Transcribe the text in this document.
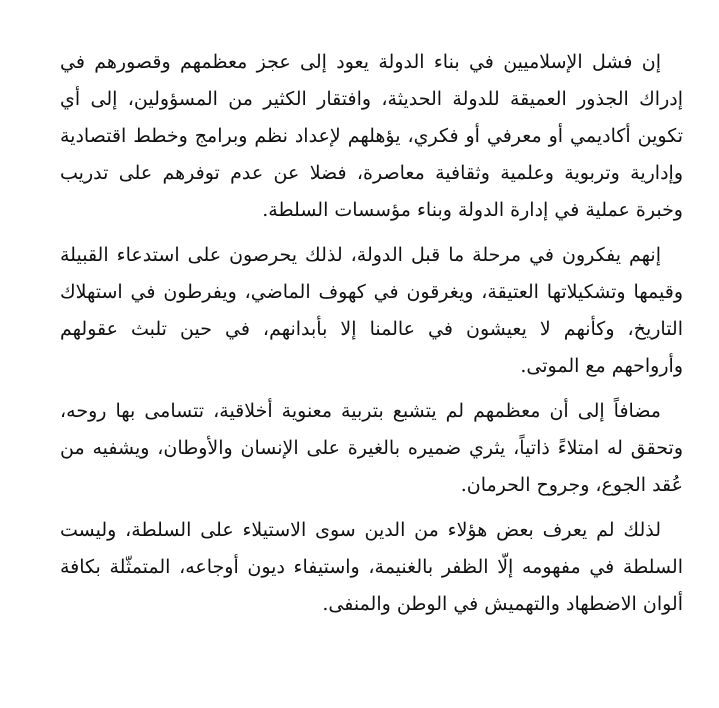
إن فشل الإسلاميين في بناء الدولة يعود إلى عجز معظمهم وقصورهم في إدراك الجذور العميقة للدولة الحديثة، وافتقار الكثير من المسؤولين، إلى أي تكوين أكاديمي أو معرفي أو فكري، يؤهلهم لإعداد نظم وبرامج وخطط اقتصادية وإدارية وتربوية وعلمية وثقافية معاصرة، فضلا عن عدم توفرهم على تدريب وخبرة عملية في إدارة الدولة وبناء مؤسسات السلطة.

إنهم يفكرون في مرحلة ما قبل الدولة، لذلك يحرصون على استدعاء القبيلة وقيمها وتشكيلاتها العتيقة، ويغرقون في كهوف الماضي، ويفرطون في استهلاك التاريخ، وكأنهم لا يعيشون في عالمنا إلا بأبدانهم، في حين تلبث عقولهم وأرواحهم مع الموتى.

مضافاً إلى أن معظمهم لم يتشبع بتربية معنوية أخلاقية، تتسامى بها روحه، وتحقق له امتلاءً ذاتياً، يثري ضميره بالغيرة على الإنسان والأوطان، ويشفيه من عُقد الجوع، وجروح الحرمان.

لذلك لم يعرف بعض هؤلاء من الدين سوى الاستيلاء على السلطة، وليست السلطة في مفهومه إلّا الظفر بالغنيمة، واستيفاء ديون أوجاعه، المتمثّلة بكافة ألوان الاضطهاد والتهميش في الوطن والمنفى.
